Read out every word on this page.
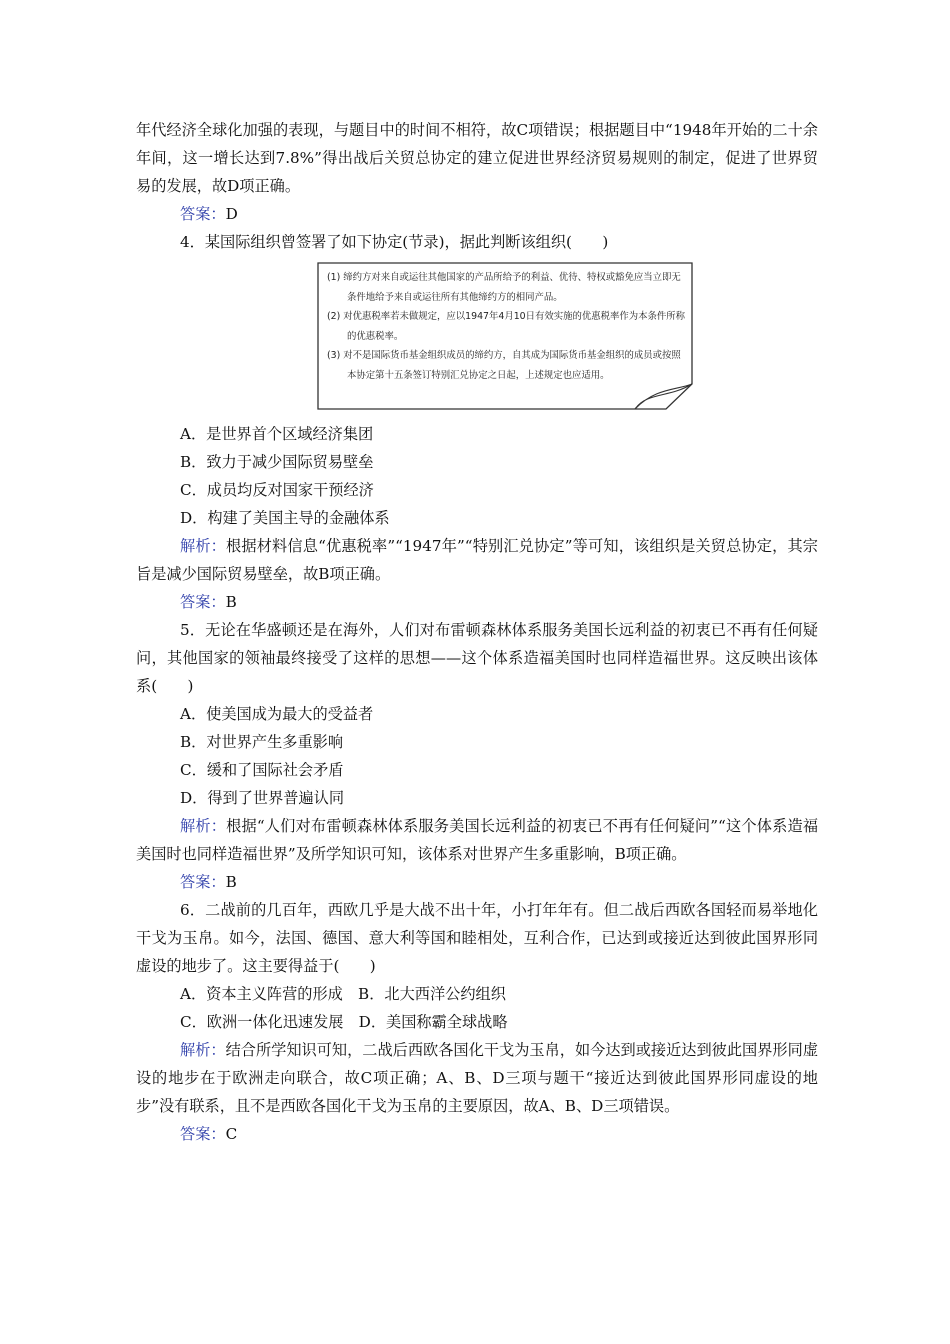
年代经济全球化加强的表现，与题目中的时间不相符，故C项错误；根据题目中“1948年开始的二十余年间，这一增长达到7.8%”得出战后关贸总协定的建立促进世界经济贸易规则的制定，促进了世界贸易的发展，故D项正确。

答案：D

4．某国际组织曾签署了如下协定(节录)，据此判断该组织(　　)

(1) 缔约方对来自或运往其他国家的产品所给予的利益、优待、特权或豁免应当立即无条件地给予来自或运往所有其他缔约方的相同产品。

(2) 对优惠税率若未做规定，应以1947年4月10日有效实施的优惠税率作为本条件所称的优惠税率。

(3) 对不是国际货币基金组织成员的缔约方，自其成为国际货币基金组织的成员或按照本协定第十五条签订特别汇兑协定之日起，上述规定也应适用。

A．是世界首个区域经济集团

B．致力于减少国际贸易壁垒

C．成员均反对国家干预经济

D．构建了美国主导的金融体系

解析：根据材料信息“优惠税率”“1947年”“特别汇兑协定”等可知，该组织是关贸总协定，其宗旨是减少国际贸易壁垒，故B项正确。

答案：B

5．无论在华盛顿还是在海外，人们对布雷顿森林体系服务美国长远利益的初衷已不再有任何疑问，其他国家的领袖最终接受了这样的思想——这个体系造福美国时也同样造福世界。这反映出该体系(　　)

A．使美国成为最大的受益者

B．对世界产生多重影响

C．缓和了国际社会矛盾

D．得到了世界普遍认同

解析：根据“人们对布雷顿森林体系服务美国长远利益的初衷已不再有任何疑问”“这个体系造福美国时也同样造福世界”及所学知识可知，该体系对世界产生多重影响，B项正确。

答案：B

6．二战前的几百年，西欧几乎是大战不出十年，小打年年有。但二战后西欧各国轻而易举地化干戈为玉帛。如今，法国、德国、意大利等国和睦相处，互利合作，已达到或接近达到彼此国界形同虚设的地步了。这主要得益于(　　)

A．资本主义阵营的形成　B．北大西洋公约组织

C．欧洲一体化迅速发展　D．美国称霸全球战略

解析：结合所学知识可知，二战后西欧各国化干戈为玉帛，如今达到或接近达到彼此国界形同虚设的地步在于欧洲走向联合，故C项正确；A、B、D三项与题干“接近达到彼此国界形同虚设的地步”没有联系，且不是西欧各国化干戈为玉帛的主要原因，故A、B、D三项错误。

答案：C
